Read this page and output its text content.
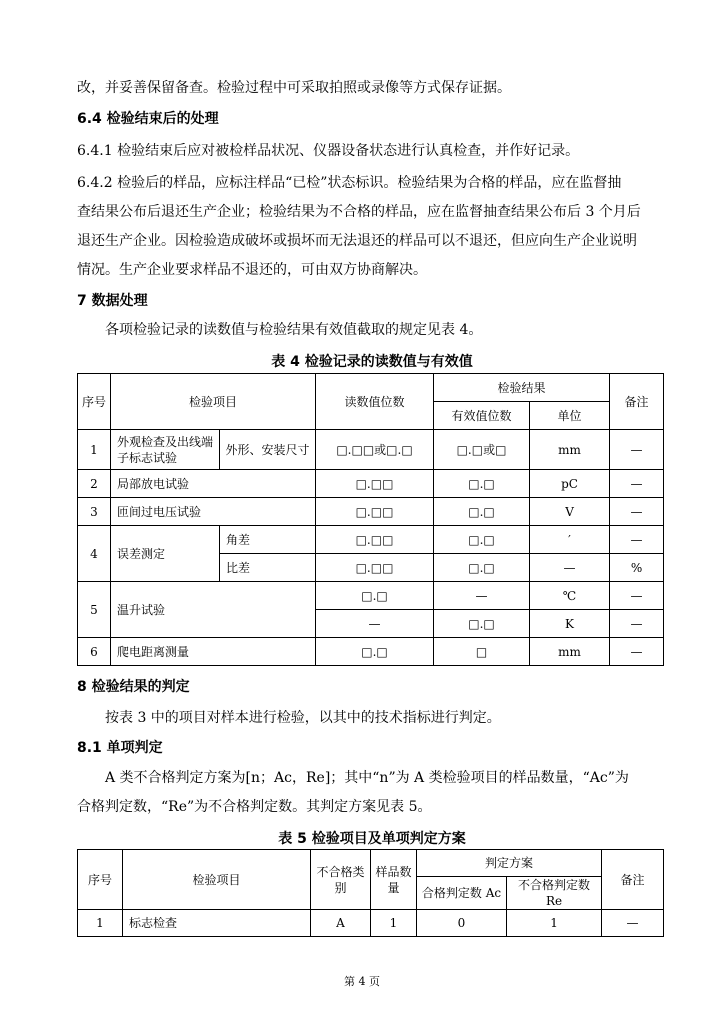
改，并妥善保留备查。检验过程中可采取拍照或录像等方式保存证据。
6.4 检验结束后的处理
6.4.1 检验结束后应对被检样品状况、仪器设备状态进行认真检查，并作好记录。
6.4.2 检验后的样品，应标注样品“已检”状态标识。检验结果为合格的样品，应在监督抽
查结果公布后退还生产企业；检验结果为不合格的样品，应在监督抽查结果公布后 3 个月后
退还生产企业。因检验造成破坏或损坏而无法退还的样品可以不退还，但应向生产企业说明
情况。生产企业要求样品不退还的，可由双方协商解决。
7 数据处理
各项检验记录的读数值与检验结果有效值截取的规定见表 4。
表 4 检验记录的读数值与有效值
序号	检验项目		读数值位数	检验结果		备注
				有效值位数	单位	
1	外观检查及出线端子标志试验	外形、安装尺寸	□.□□或□.□	□.□或□	mm	—
2	局部放电试验		□.□□	□.□	pC	—
3	匝间过电压试验		□.□□	□.□	V	—
4	误差测定	角差	□.□□	□.□	′	—
		比差	□.□□	□.□	—	%
5	温升试验		□.□	—	℃	—
			—	□.□	K	—
6	爬电距离测量		□.□	□	mm	—
8 检验结果的判定
按表 3 中的项目对样本进行检验，以其中的技术指标进行判定。
8.1 单项判定
A 类不合格判定方案为[n；Ac，Re]；其中“n”为 A 类检验项目的样品数量，“Ac”为
合格判定数，“Re”为不合格判定数。其判定方案见表 5。
表 5 检验项目及单项判定方案
序号	检验项目	不合格类别	样品数量	判定方案		备注
				合格判定数 Ac	不合格判定数 Re	
1	标志检查	A	1	0	1	—
第 4 页
